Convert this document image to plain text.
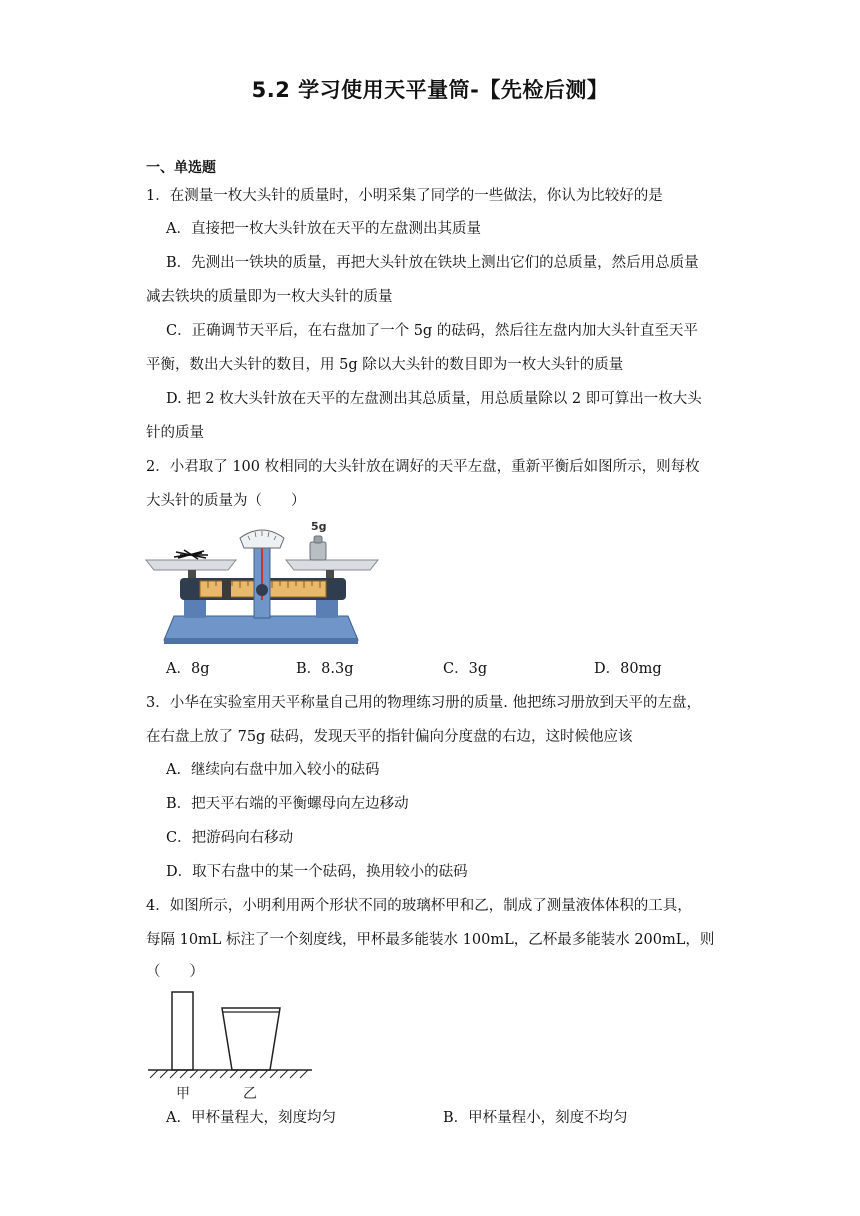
5.2 学习使用天平量筒-【先检后测】
一、单选题
1．在测量一枚大头针的质量时，小明采集了同学的一些做法，你认为比较好的是
A．直接把一枚大头针放在天平的左盘测出其质量
B．先测出一铁块的质量，再把大头针放在铁块上测出它们的总质量，然后用总质量
减去铁块的质量即为一枚大头针的质量
C．正确调节天平后，在右盘加了一个 5g 的砝码，然后往左盘内加大头针直至天平
平衡，数出大头针的数目，用 5g 除以大头针的数目即为一枚大头针的质量
D. 把 2 枚大头针放在天平的左盘测出其总质量，用总质量除以 2 即可算出一枚大头
针的质量
2．小君取了 100 枚相同的大头针放在调好的天平左盘，重新平衡后如图所示，则每枚
大头针的质量为（　　）
5g
A．8g	B．8.3g	C．3g	D．80mg
3．小华在实验室用天平称量自己用的物理练习册的质量. 他把练习册放到天平的左盘，
在右盘上放了 75g 砝码，发现天平的指针偏向分度盘的右边，这时候他应该
A．继续向右盘中加入较小的砝码
B．把天平右端的平衡螺母向左边移动
C．把游码向右移动
D．取下右盘中的某一个砝码，换用较小的砝码
4．如图所示，小明利用两个形状不同的玻璃杯甲和乙，制成了测量液体体积的工具，
每隔 10mL 标注了一个刻度线，甲杯最多能装水 100mL，乙杯最多能装水 200mL，则
（　　）
甲	乙
A．甲杯量程大，刻度均匀	B．甲杯量程小，刻度不均匀
